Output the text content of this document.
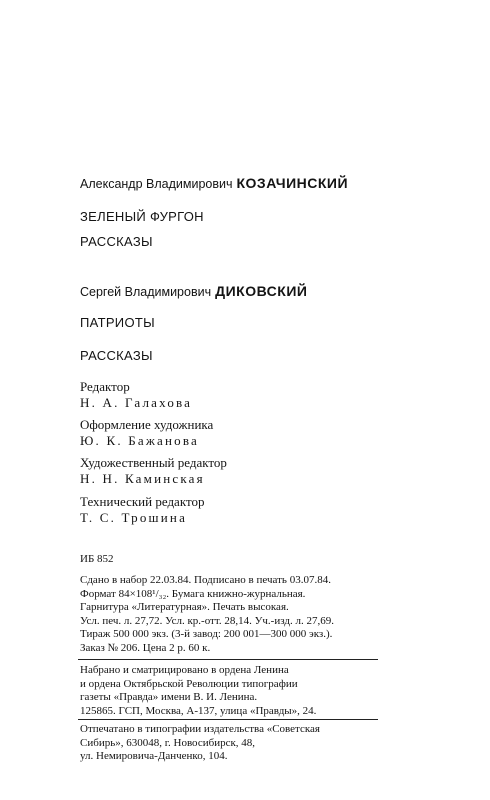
Александр Владимирович КОЗАЧИНСКИЙ
ЗЕЛЕНЫЙ ФУРГОН
РАССКАЗЫ
Сергей Владимирович ДИКОВСКИЙ
ПАТРИОТЫ
РАССКАЗЫ
Редактор
Н. А. Галахова
Оформление художника
Ю. К. Бажанова
Художественный редактор
Н. Н. Каминская
Технический редактор
Т. С. Трошина
ИБ 852
Сдано в набор 22.03.84. Подписано в печать 03.07.84.
Формат 84×108¹/₃₂. Бумага книжно-журнальная.
Гарнитура «Литературная». Печать высокая.
Усл. печ. л. 27,72. Усл. кр.-отт. 28,14. Уч.-изд. л. 27,69.
Тираж 500 000 экз. (3-й завод: 200 001—300 000 экз.).
Заказ № 206. Цена 2 р. 60 к.
Набрано и сматрицировано в ордена Ленина
и ордена Октябрьской Революции типографии
газеты «Правда» имени В. И. Ленина.
125865. ГСП, Москва, А-137, улица «Правды», 24.
Отпечатано в типографии издательства «Советская
Сибирь», 630048, г. Новосибирск, 48,
ул. Немировича-Данченко, 104.
